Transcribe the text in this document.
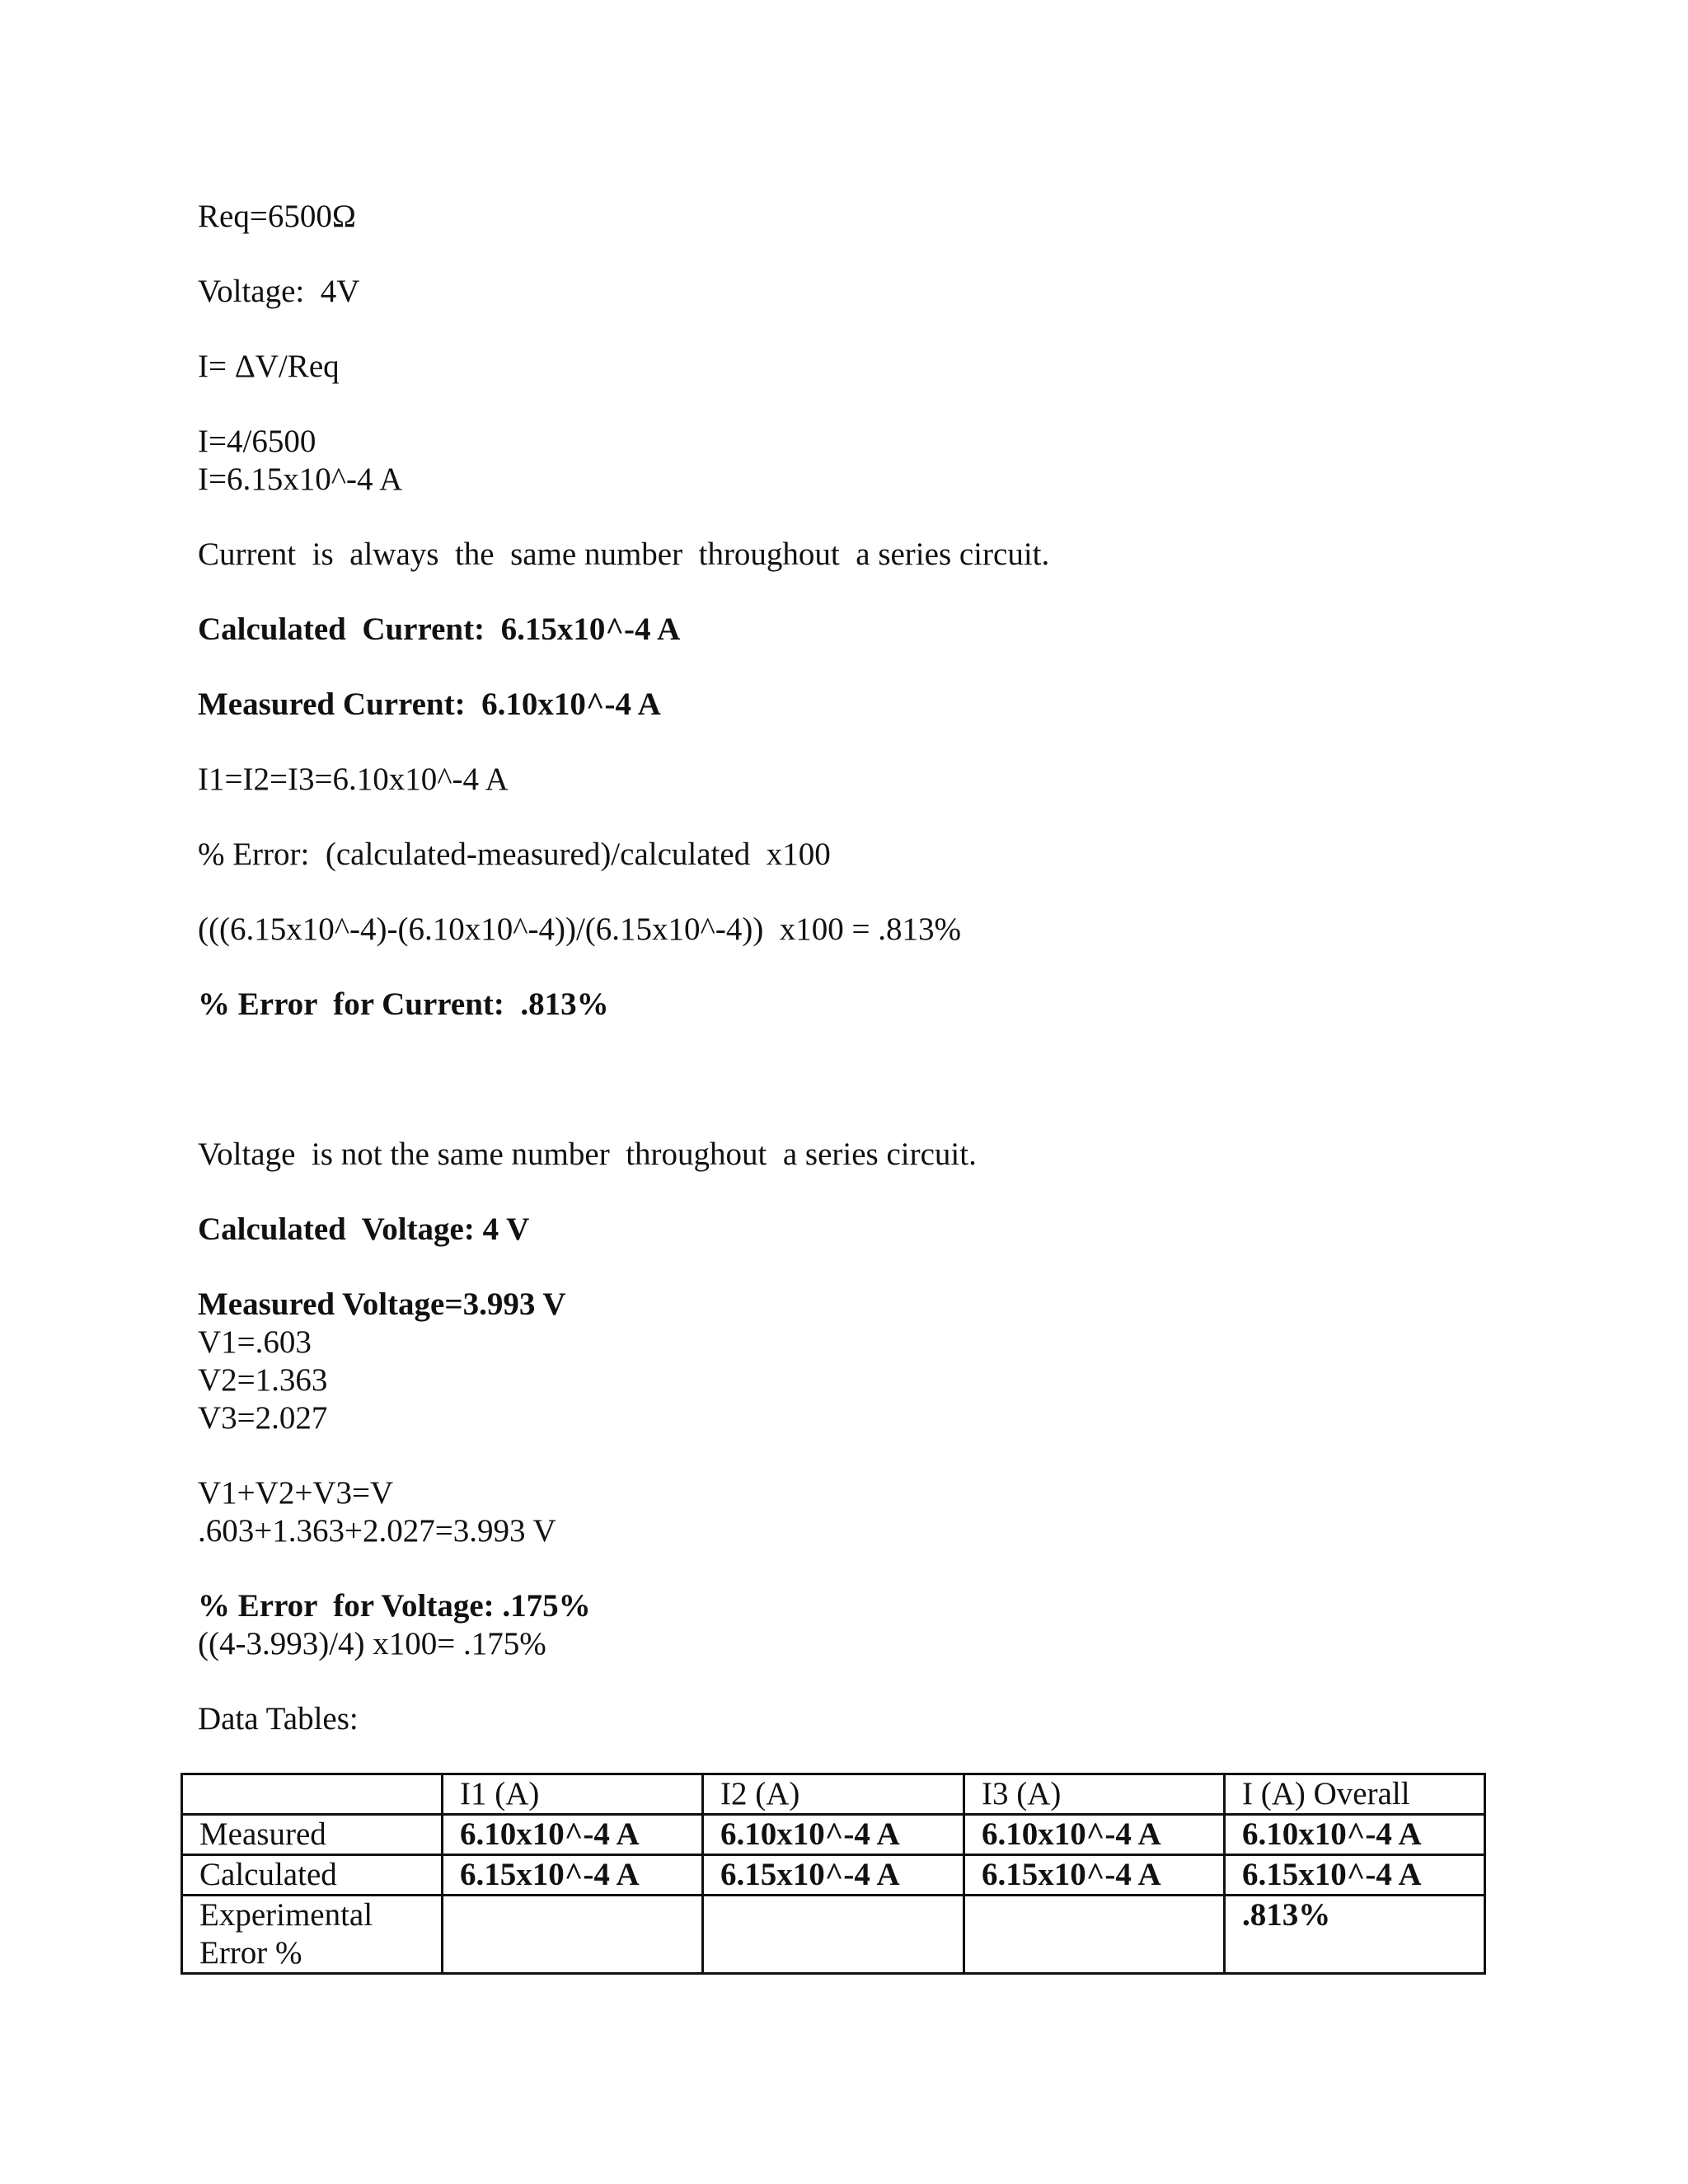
Req=6500Ω
Voltage:  4V
I= ΔV/Req
I=4/6500
I=6.15x10^-4 A
Current  is  always  the  same number  throughout  a series circuit.
Calculated  Current:  6.15x10^-4 A
Measured Current:  6.10x10^-4 A
I1=I2=I3=6.10x10^-4 A
% Error:  (calculated-measured)/calculated  x100
(((6.15x10^-4)-(6.10x10^-4))/(6.15x10^-4))  x100 = .813%
% Error  for Current:  .813%
Voltage  is not the same number  throughout  a series circuit.
Calculated  Voltage: 4 V
Measured Voltage=3.993 V
V1=.603
V2=1.363
V3=2.027
V1+V2+V3=V
.603+1.363+2.027=3.993 V
% Error  for Voltage: .175%
((4-3.993)/4) x100= .175%
Data Tables:
	I1 (A)	I2 (A)	I3 (A)	I (A) Overall
Measured	6.10x10^-4 A	6.10x10^-4 A	6.10x10^-4 A	6.10x10^-4 A
Calculated	6.15x10^-4 A	6.15x10^-4 A	6.15x10^-4 A	6.15x10^-4 A
Experimental Error %				.813%
